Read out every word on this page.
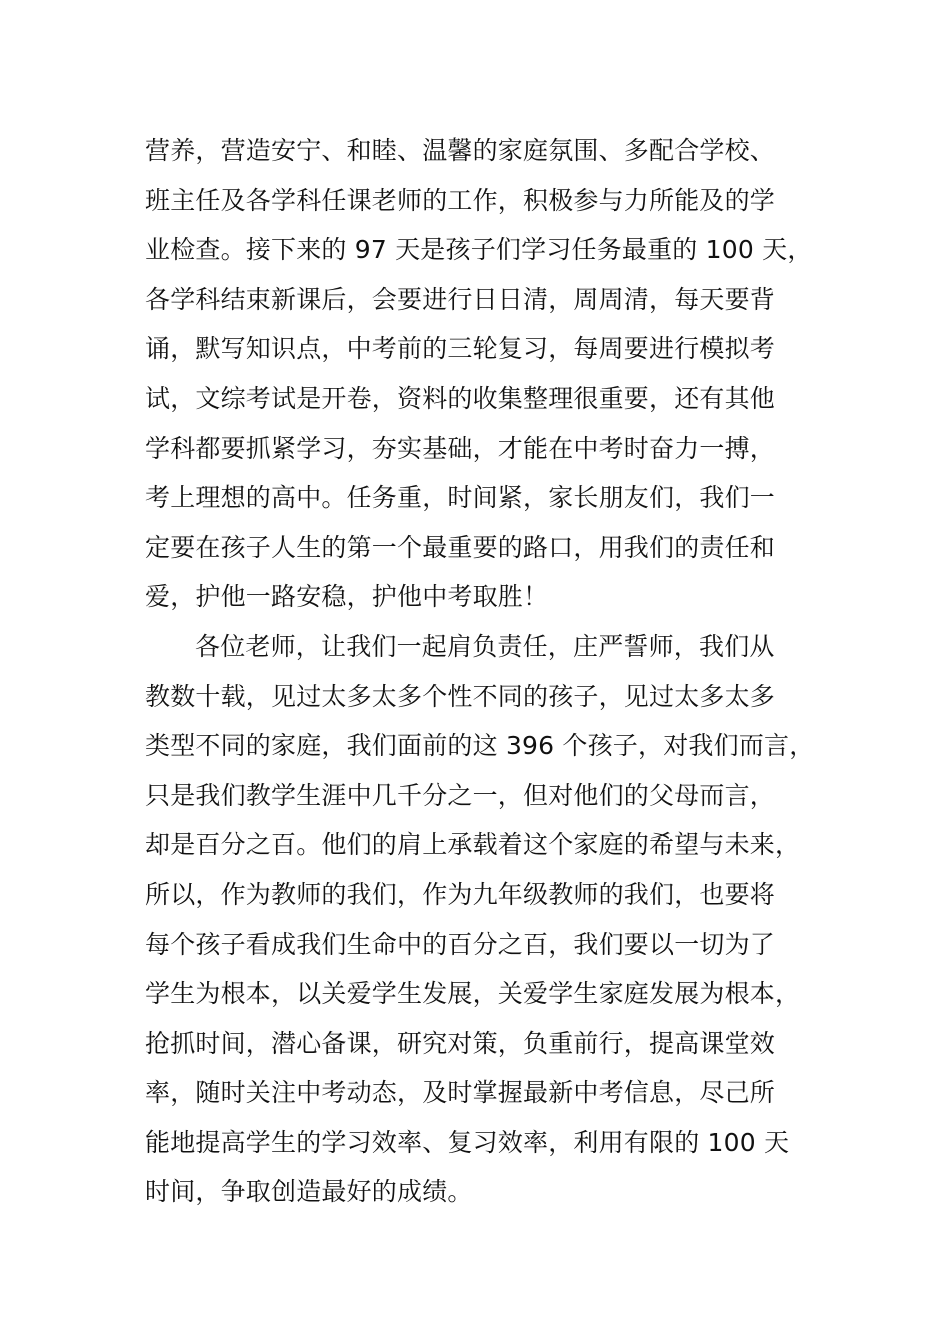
营养，营造安宁、和睦、温馨的家庭氛围、多配合学校、
班主任及各学科任课老师的工作，积极参与力所能及的学
业检查。接下来的 97 天是孩子们学习任务最重的 100 天，
各学科结束新课后，会要进行日日清，周周清，每天要背
诵，默写知识点，中考前的三轮复习，每周要进行模拟考
试，文综考试是开卷，资料的收集整理很重要，还有其他
学科都要抓紧学习，夯实基础，才能在中考时奋力一搏，
考上理想的高中。任务重，时间紧，家长朋友们，我们一
定要在孩子人生的第一个最重要的路口，用我们的责任和
爱，护他一路安稳，护他中考取胜！
各位老师，让我们一起肩负责任，庄严誓师，我们从
教数十载，见过太多太多个性不同的孩子，见过太多太多
类型不同的家庭，我们面前的这 396 个孩子，对我们而言，
只是我们教学生涯中几千分之一，但对他们的父母而言，
却是百分之百。他们的肩上承载着这个家庭的希望与未来，
所以，作为教师的我们，作为九年级教师的我们，也要将
每个孩子看成我们生命中的百分之百，我们要以一切为了
学生为根本，以关爱学生发展，关爱学生家庭发展为根本，
抢抓时间，潜心备课，研究对策，负重前行，提高课堂效
率，随时关注中考动态，及时掌握最新中考信息，尽己所
能地提高学生的学习效率、复习效率，利用有限的 100 天
时间，争取创造最好的成绩。
